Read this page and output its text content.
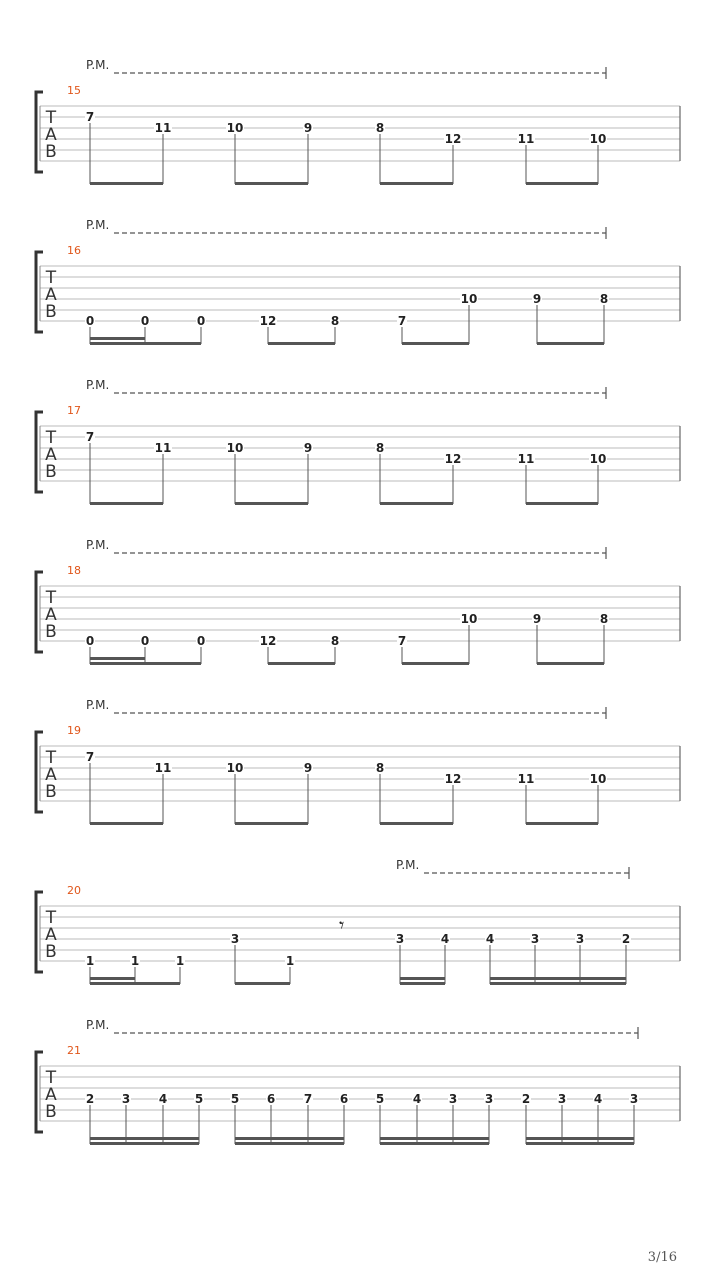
P.M.
15
T
A
B
7
11	10	9	8
12	11	10
P.M.
16
T
A
B 0	0	0	12	8	7
10	9	8
P.M.
17
T
A
B
7
11	10	9	8
12	11	10
P.M.
18
T
A
B 0	0	0	12	8	7
10	9	8
P.M.
19
T
A
B
7
11	10	9	8
12	11	10
P.M.
20
T
A
B 1	1	1
3
1
3	4	4	3	3	2
𝄾
P.M.
21
T
A
B
2 3 4 5 5 6 7 6 5 4 3 3 2 3 4 3
3/16
